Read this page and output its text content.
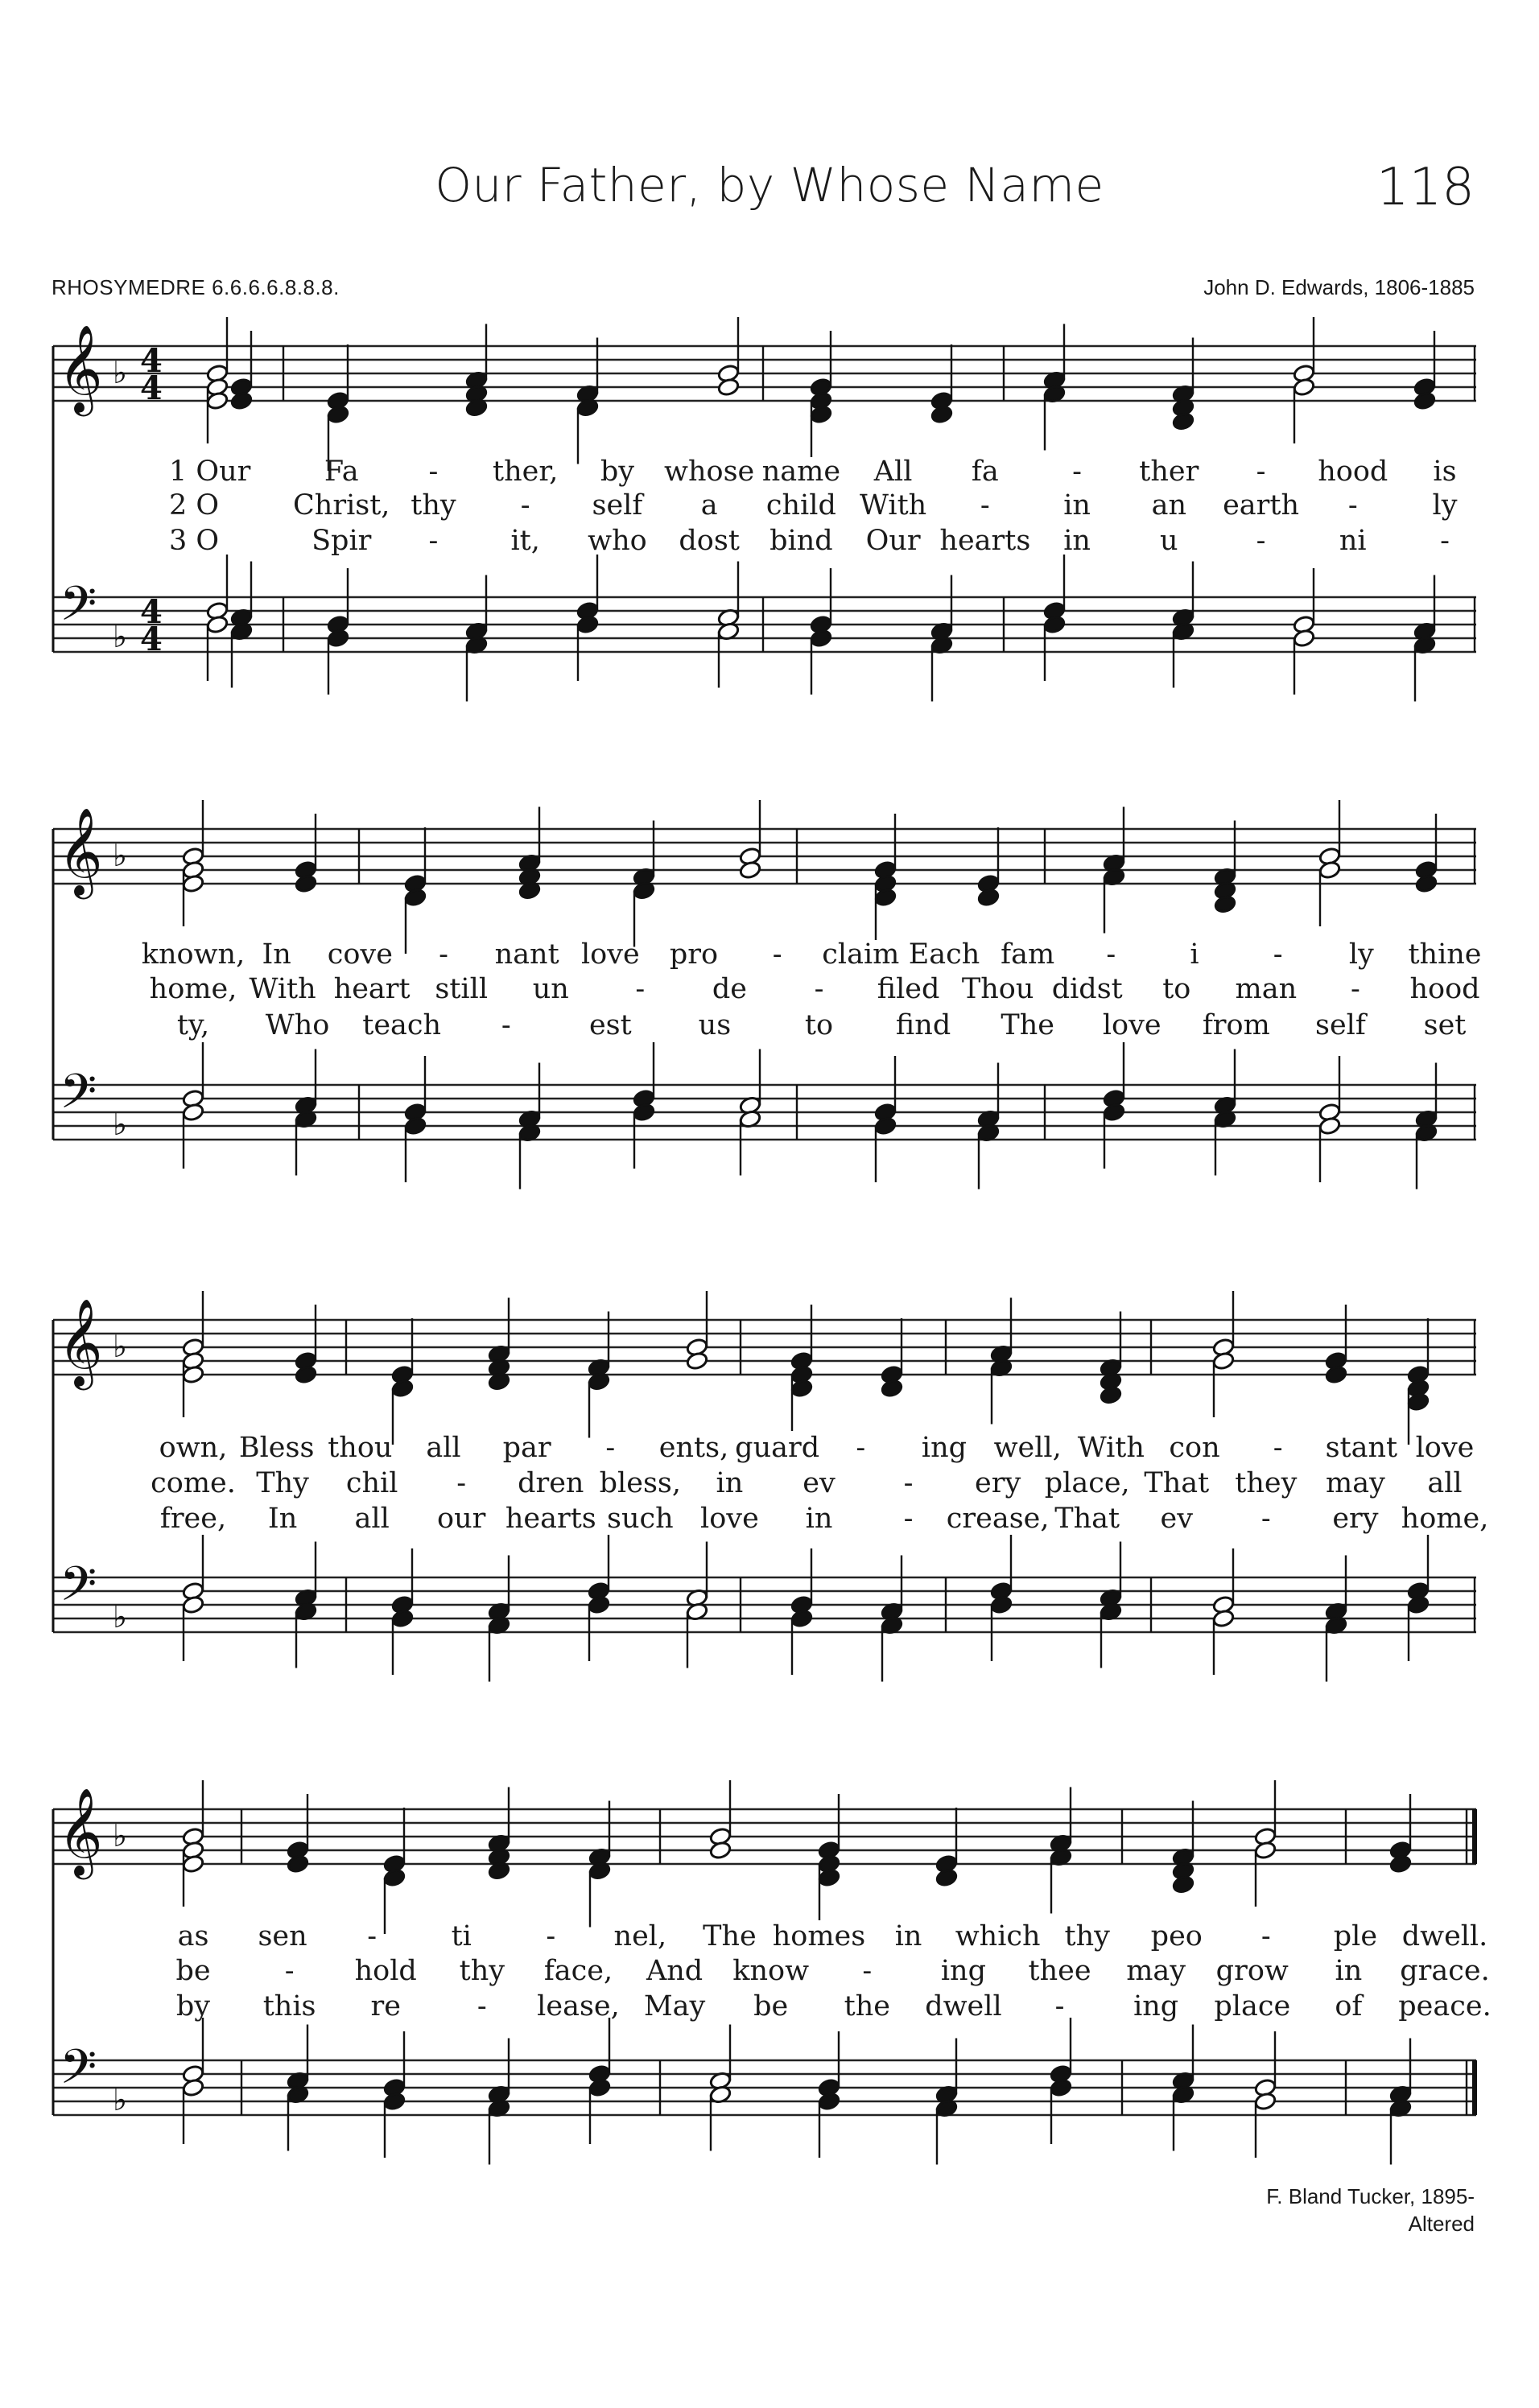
Our Father, by Whose Name	118
RHOSYMEDRE 6.6.6.6.8.8.8.	John D. Edwards, 1806-1885
𝄞
𝄢
♭
♭
4
4
4
4
𝄞
𝄢
♭
♭
𝄞
𝄢
♭
♭
𝄞
𝄢
♭
♭
1 Our	Fa - ther, by whose name All fa	- ther - hood is
2 O	Christ, thy - self a child With -	in an earth -	ly
3 O	Spir -	it, who dost bind Our hearts in u	-	ni	-
known, In cove - nant love pro - claim Each fam -	i	- ly thine
home, With heart still un - de - filed Thou didst to man - hood
ty, Who teach -	est us	to find The love from self set
own, Bless thou all par - ents, guard - ing well, With con - stant love
come. Thy chil - dren bless, in ev - ery place, That they may all
free, In all our hearts such love in	- crease, That ev - ery home,
as sen -	ti	- nel, The homes in which thy peo - ple dwell.
be	- hold thy face, And know - ing thee may grow in grace.
by this re	- lease, May be the dwell - ing place of peace.
F. Bland Tucker, 1895-
Altered
